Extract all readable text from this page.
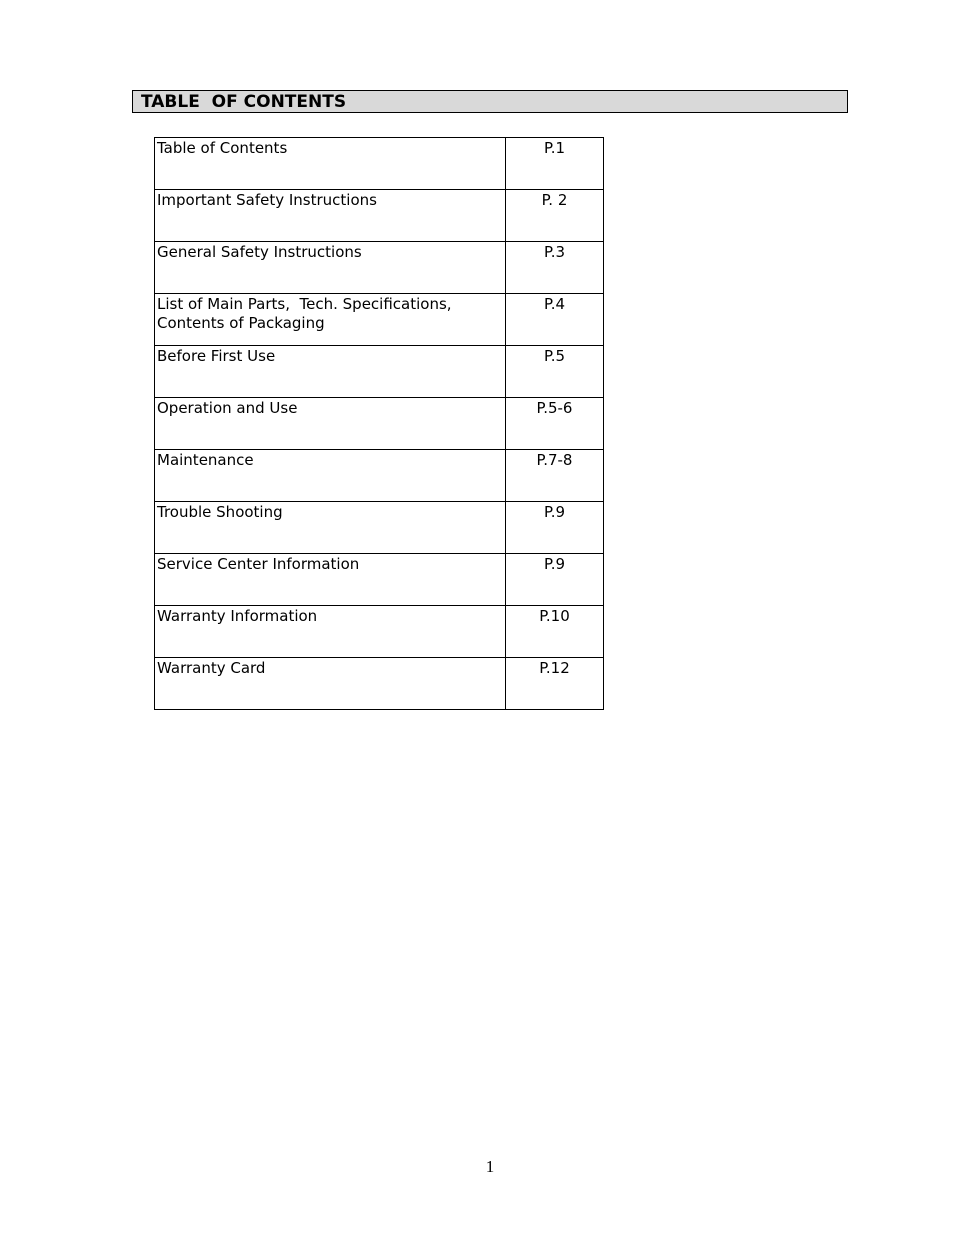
TABLE  OF CONTENTS
Table of Contents	P.1
Important Safety Instructions	P. 2
General Safety Instructions	P.3
List of Main Parts,  Tech. Specifications,
Contents of Packaging	P.4
Before First Use	P.5
Operation and Use	P.5-6
Maintenance	P.7-8
Trouble Shooting	P.9
Service Center Information	P.9
Warranty Information	P.10
Warranty Card	P.12
1
